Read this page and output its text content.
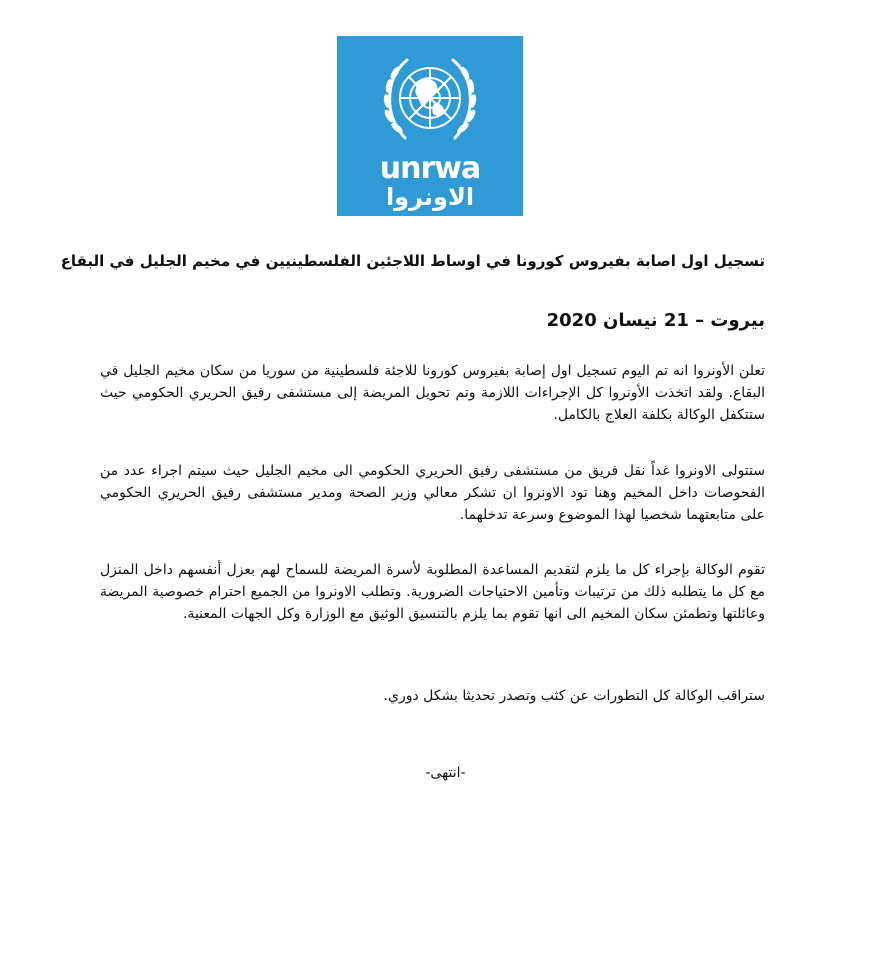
unrwa
الاونروا
تسجيل اول اصابة بفيروس كورونا في اوساط اللاجئين الفلسطينيين في مخيم الجليل في البقاع
بيروت – 21 نيسان 2020
تعلن الأونروا انه تم اليوم تسجيل اول إصابة بفيروس كورونا للاجئة فلسطينية من سوريا من سكان مخيم الجليل في البقاع. ولقد اتخذت الأونروا كل الإجراءات اللازمة وتم تحويل المريضة إلى مستشفى رفيق الحريري الحكومي حيث ستتكفل الوكالة بكلفة العلاج بالكامل.
ستتولى الاونروا غداً نقل فريق من مستشفى رفيق الحريري الحكومي الى مخيم الجليل حيث سيتم اجراء عدد من الفحوصات داخل المخيم وهنا تود الاونروا ان تشكر معالي وزير الصحة ومدير مستشفى رفيق الحريري الحكومي على متابعتهما شخصيا لهذا الموضوع وسرعة تدخلهما.
تقوم الوكالة بإجراء كل ما يلزم لتقديم المساعدة المطلوبة لأسرة المريضة للسماح لهم بعزل أنفسهم داخل المنزل مع كل ما يتطلبه ذلك من ترتيبات وتأمين الاحتياجات الضرورية. وتطلب الاونروا من الجميع احترام خصوصية المريضة وعائلتها وتطمئن سكان المخيم الى انها تقوم بما يلزم بالتنسيق الوثيق مع الوزارة وكل الجهات المعنية.
ستراقب الوكالة كل التطورات عن كثب وتصدر تحديثا بشكل دوري.
-انتهى-
